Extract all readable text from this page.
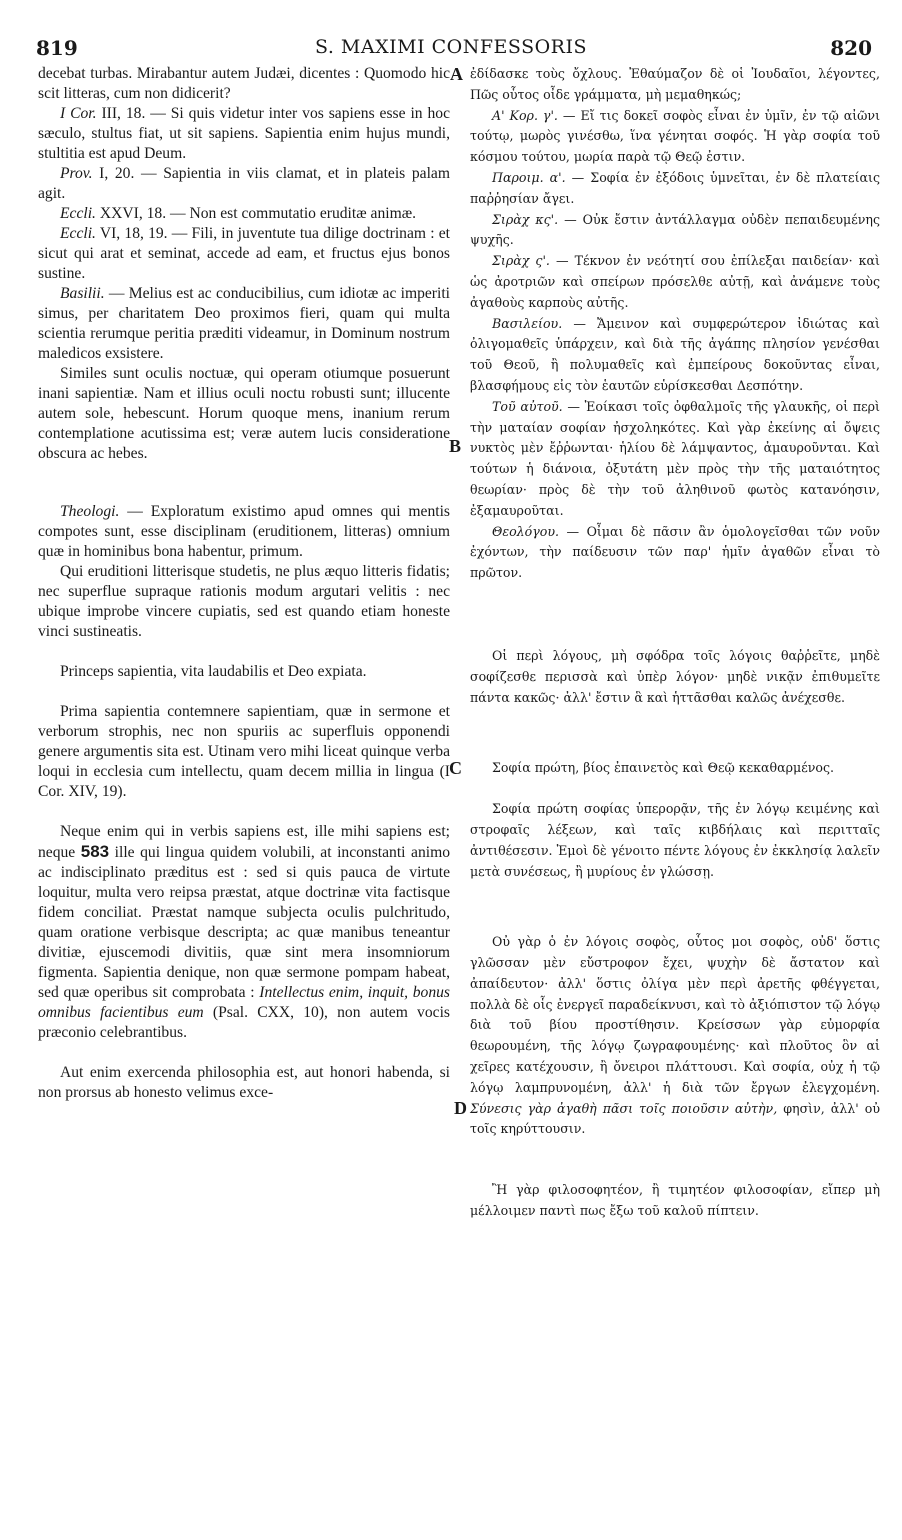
819	S. MAXIMI CONFESSORIS	820
A
B
C
D

decebat turbas. Mirabantur autem Judæi, dicentes : Quomodo hic scit litteras, cum non didicerit?

I Cor. III, 18. — Si quis videtur inter vos sapiens esse in hoc sæculo, stultus fiat, ut sit sapiens. Sapientia enim hujus mundi, stultitia est apud Deum.

Prov. I, 20. — Sapientia in viis clamat, et in plateis palam agit.

Eccli. XXVI, 18. — Non est commutatio eruditæ animæ.

Eccli. VI, 18, 19. — Fili, in juventute tua dilige doctrinam : et sicut qui arat et seminat, accede ad eam, et fructus ejus bonos sustine.

Basilii. — Melius est ac conducibilius, cum idiotæ ac imperiti simus, per charitatem Deo proximos fieri, quam qui multa scientia rerumque peritia præditi videamur, in Dominum nostrum maledicos exsistere.

Similes sunt oculis noctuæ, qui operam otiumque posuerunt inani sapientiæ. Nam et illius oculi noctu robusti sunt; illucente autem sole, hebescunt. Horum quoque mens, inanium rerum contemplatione acutissima est; veræ autem lucis consideratione obscura ac hebes.

Theologi. — Exploratum existimo apud omnes qui mentis compotes sunt, esse disciplinam (eruditionem, litteras) omnium quæ in hominibus bona habentur, primum.

Qui eruditioni litterisque studetis, ne plus æquo litteris fidatis; nec superflue supraque rationis modum argutari velitis : nec ubique improbe vincere cupiatis, sed est quando etiam honeste vinci sustineatis.

Princeps sapientia, vita laudabilis et Deo expiata.

Prima sapientia contemnere sapientiam, quæ in sermone et verborum strophis, nec non spuriis ac superfluis opponendi genere argumentis sita est. Utinam vero mihi liceat quinque verba loqui in ecclesia cum intellectu, quam decem millia in lingua (I Cor. XIV, 19).

Neque enim qui in verbis sapiens est, ille mihi sapiens est; neque 583 ille qui lingua quidem volubili, at inconstanti animo ac indisciplinato præditus est : sed si quis pauca de virtute loquitur, multa vero reipsa præstat, atque doctrinæ vita factisque fidem conciliat. Præstat namque subjecta oculis pulchritudo, quam oratione verbisque descripta; ac quæ manibus teneantur divitiæ, ejuscemodi divitiis, quæ sint mera insomniorum figmenta. Sapientia denique, non quæ sermone pompam habeat, sed quæ operibus sit comprobata : Intellectus enim, inquit, bonus omnibus facientibus eum (Psal. CXX, 10), non autem vocis præconio celebrantibus.

Aut enim exercenda philosophia est, aut honori habenda, si non prorsus ab honesto velimus exce-

ἐδίδασκε τοὺς ὄχλους. Ἐθαύμαζον δὲ οἱ Ἰουδαῖοι, λέγοντες, Πῶς οὗτος οἶδε γράμματα, μὴ μεμαθηκώς;

Α' Κορ. γ'. — Εἴ τις δοκεῖ σοφὸς εἶναι ἐν ὑμῖν, ἐν τῷ αἰῶνι τούτῳ, μωρὸς γινέσθω, ἵνα γένηται σοφός. Ἡ γὰρ σοφία τοῦ κόσμου τούτου, μωρία παρὰ τῷ Θεῷ ἐστιν.

Παροιμ. α'. — Σοφία ἐν ἐξόδοις ὑμνεῖται, ἐν δὲ πλατείαις παῤῥησίαν ἄγει.

Σιρὰχ κς'. — Οὐκ ἔστιν ἀντάλλαγμα οὐδὲν πεπαιδευμένης ψυχῆς.

Σιρὰχ ς'. — Τέκνον ἐν νεότητί σου ἐπίλεξαι παιδείαν· καὶ ὡς ἀροτριῶν καὶ σπείρων πρόσελθε αὐτῇ, καὶ ἀνάμενε τοὺς ἀγαθοὺς καρποὺς αὐτῆς.

Βασιλείου. — Ἄμεινον καὶ συμφερώτερον ἰδιώτας καὶ ὀλιγομαθεῖς ὑπάρχειν, καὶ διὰ τῆς ἀγάπης πλησίον γενέσθαι τοῦ Θεοῦ, ἢ πολυμαθεῖς καὶ ἐμπείρους δοκοῦντας εἶναι, βλασφήμους εἰς τὸν ἑαυτῶν εὑρίσκεσθαι Δεσπότην.

Τοῦ αὐτοῦ. — Ἐοίκασι τοῖς ὀφθαλμοῖς τῆς γλαυκῆς, οἱ περὶ τὴν ματαίαν σοφίαν ἠσχοληκότες. Καὶ γὰρ ἐκείνης αἱ ὄψεις νυκτὸς μὲν ἔῤῥωνται· ἡλίου δὲ λάμψαντος, ἀμαυροῦνται. Καὶ τούτων ἡ διάνοια, ὀξυτάτη μὲν πρὸς τὴν τῆς ματαιότητος θεωρίαν· πρὸς δὲ τὴν τοῦ ἀληθινοῦ φωτὸς κατανόησιν, ἐξαμαυροῦται.

Θεολόγου. — Οἶμαι δὲ πᾶσιν ἂν ὁμολογεῖσθαι τῶν νοῦν ἐχόντων, τὴν παίδευσιν τῶν παρ' ἡμῖν ἀγαθῶν εἶναι τὸ πρῶτον.

Οἱ περὶ λόγους, μὴ σφόδρα τοῖς λόγοις θαῤῥεῖτε, μηδὲ σοφίζεσθε περισσὰ καὶ ὑπὲρ λόγον· μηδὲ νικᾷν ἐπιθυμεῖτε πάντα κακῶς· ἀλλ' ἔστιν ἃ καὶ ἡττᾶσθαι καλῶς ἀνέχεσθε.

Σοφία πρώτη, βίος ἐπαινετὸς καὶ Θεῷ κεκαθαρμένος.

Σοφία πρώτη σοφίας ὑπερορᾷν, τῆς ἐν λόγῳ κειμένης καὶ στροφαῖς λέξεων, καὶ ταῖς κιβδήλαις καὶ περιτταῖς ἀντιθέσεσιν. Ἐμοὶ δὲ γένοιτο πέντε λόγους ἐν ἐκκλησίᾳ λαλεῖν μετὰ συνέσεως, ἢ μυρίους ἐν γλώσσῃ.

Οὐ γὰρ ὁ ἐν λόγοις σοφὸς, οὗτος μοι σοφὸς, οὐδ' ὅστις γλῶσσαν μὲν εὔστροφον ἔχει, ψυχὴν δὲ ἄστατον καὶ ἀπαίδευτον· ἀλλ' ὅστις ὀλίγα μὲν περὶ ἀρετῆς φθέγγεται, πολλὰ δὲ οἷς ἐνεργεῖ παραδείκνυσι, καὶ τὸ ἀξιόπιστον τῷ λόγῳ διὰ τοῦ βίου προστίθησιν. Κρείσσων γὰρ εὐμορφία θεωρουμένη, τῆς λόγῳ ζωγραφουμένης· καὶ πλοῦτος ὃν αἱ χεῖρες κατέχουσιν, ἢ ὄνειροι πλάττουσι. Καὶ σοφία, οὐχ ἡ τῷ λόγῳ λαμπρυνομένη, ἀλλ' ἡ διὰ τῶν ἔργων ἐλεγχομένη. Σύνεσις γὰρ ἀγαθὴ πᾶσι τοῖς ποιοῦσιν αὐτὴν, φησὶν, ἀλλ' οὐ τοῖς κηρύττουσιν.

Ἢ γὰρ φιλοσοφητέον, ἢ τιμητέον φιλοσοφίαν, εἴπερ μὴ μέλλοιμεν παντὶ πως ἔξω τοῦ καλοῦ πίπτειν.
